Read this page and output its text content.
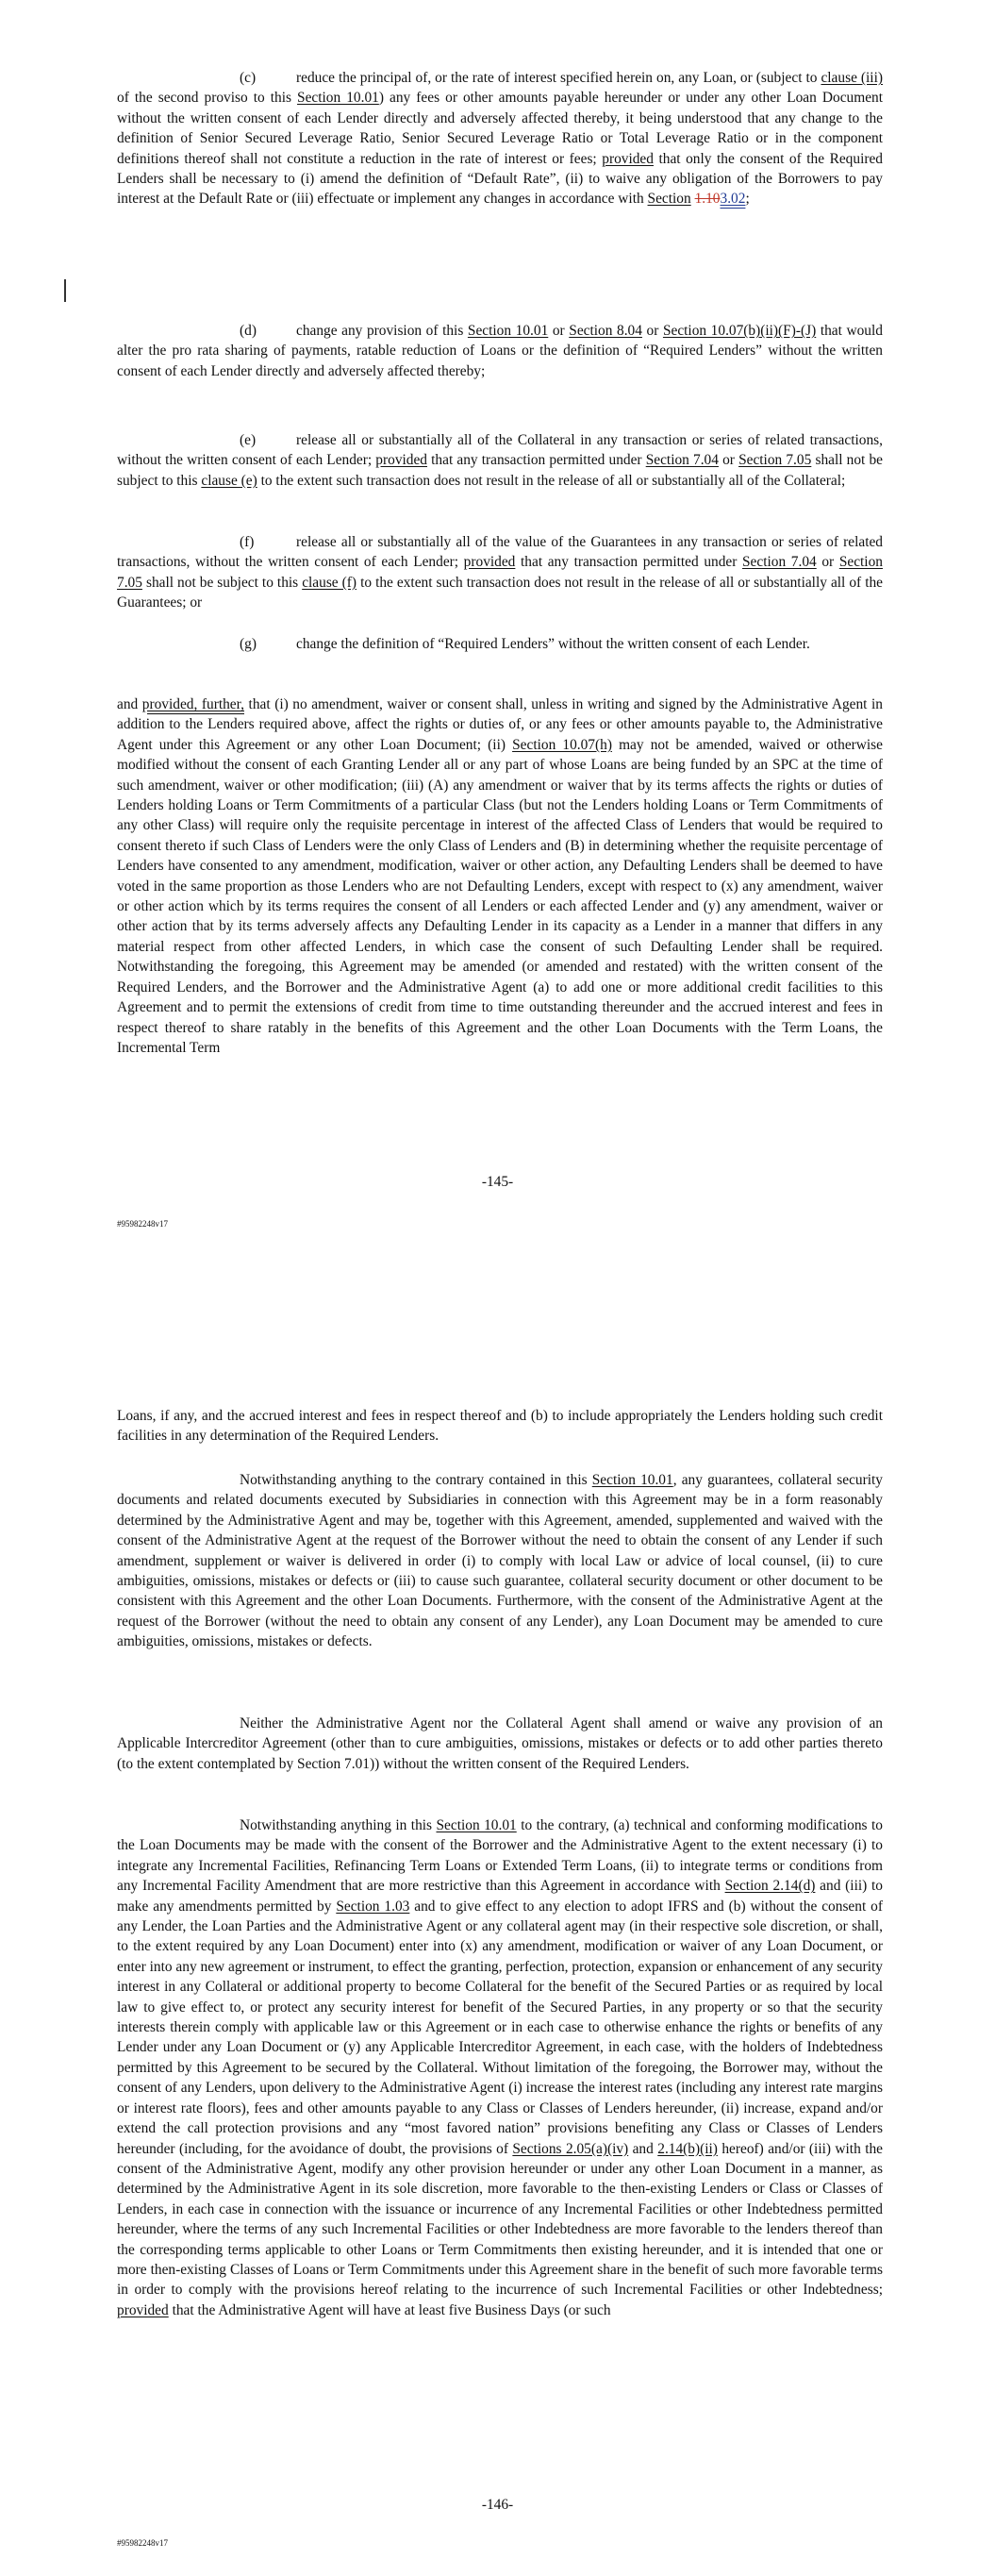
(c)	reduce the principal of, or the rate of interest specified herein on, any Loan, or (subject to clause (iii) of the second proviso to this Section 10.01) any fees or other amounts payable hereunder or under any other Loan Document without the written consent of each Lender directly and adversely affected thereby, it being understood that any change to the definition of Senior Secured Leverage Ratio, Senior Secured Leverage Ratio or Total Leverage Ratio or in the component definitions thereof shall not constitute a reduction in the rate of interest or fees; provided that only the consent of the Required Lenders shall be necessary to (i) amend the definition of “Default Rate”, (ii) to waive any obligation of the Borrowers to pay interest at the Default Rate or (iii) effectuate or implement any changes in accordance with Section 1.103.02;

(d)	change any provision of this Section 10.01 or Section 8.04 or Section 10.07(b)(ii)(F)-(J) that would alter the pro rata sharing of payments, ratable reduction of Loans or the definition of “Required Lenders” without the written consent of each Lender directly and adversely affected thereby;

(e)	release all or substantially all of the Collateral in any transaction or series of related transactions, without the written consent of each Lender; provided that any transaction permitted under Section 7.04 or Section 7.05 shall not be subject to this clause (e) to the extent such transaction does not result in the release of all or substantially all of the Collateral;

(f)	release all or substantially all of the value of the Guarantees in any transaction or series of related transactions, without the written consent of each Lender; provided that any transaction permitted under Section 7.04 or Section 7.05 shall not be subject to this clause (f) to the extent such transaction does not result in the release of all or substantially all of the Guarantees; or

(g)	change the definition of “Required Lenders” without the written consent of each Lender.

and provided, further, that (i) no amendment, waiver or consent shall, unless in writing and signed by the Administrative Agent in addition to the Lenders required above, affect the rights or duties of, or any fees or other amounts payable to, the Administrative Agent under this Agreement or any other Loan Document; (ii) Section 10.07(h) may not be amended, waived or otherwise modified without the consent of each Granting Lender all or any part of whose Loans are being funded by an SPC at the time of such amendment, waiver or other modification; (iii) (A) any amendment or waiver that by its terms affects the rights or duties of Lenders holding Loans or Term Commitments of a particular Class (but not the Lenders holding Loans or Term Commitments of any other Class) will require only the requisite percentage in interest of the affected Class of Lenders that would be required to consent thereto if such Class of Lenders were the only Class of Lenders and (B) in determining whether the requisite percentage of Lenders have consented to any amendment, modification, waiver or other action, any Defaulting Lenders shall be deemed to have voted in the same proportion as those Lenders who are not Defaulting Lenders, except with respect to (x) any amendment, waiver or other action which by its terms requires the consent of all Lenders or each affected Lender and (y) any amendment, waiver or other action that by its terms adversely affects any Defaulting Lender in its capacity as a Lender in a manner that differs in any material respect from other affected Lenders, in which case the consent of such Defaulting Lender shall be required. Notwithstanding the foregoing, this Agreement may be amended (or amended and restated) with the written consent of the Required Lenders, and the Borrower and the Administrative Agent (a) to add one or more additional credit facilities to this Agreement and to permit the extensions of credit from time to time outstanding thereunder and the accrued interest and fees in respect thereof to share ratably in the benefits of this Agreement and the other Loan Documents with the Term Loans, the Incremental Term

-145-
#95982248v17

Loans, if any, and the accrued interest and fees in respect thereof and (b) to include appropriately the Lenders holding such credit facilities in any determination of the Required Lenders.

Notwithstanding anything to the contrary contained in this Section 10.01, any guarantees, collateral security documents and related documents executed by Subsidiaries in connection with this Agreement may be in a form reasonably determined by the Administrative Agent and may be, together with this Agreement, amended, supplemented and waived with the consent of the Administrative Agent at the request of the Borrower without the need to obtain the consent of any Lender if such amendment, supplement or waiver is delivered in order (i) to comply with local Law or advice of local counsel, (ii) to cure ambiguities, omissions, mistakes or defects or (iii) to cause such guarantee, collateral security document or other document to be consistent with this Agreement and the other Loan Documents. Furthermore, with the consent of the Administrative Agent at the request of the Borrower (without the need to obtain any consent of any Lender), any Loan Document may be amended to cure ambiguities, omissions, mistakes or defects.

Neither the Administrative Agent nor the Collateral Agent shall amend or waive any provision of an Applicable Intercreditor Agreement (other than to cure ambiguities, omissions, mistakes or defects or to add other parties thereto (to the extent contemplated by Section 7.01)) without the written consent of the Required Lenders.

Notwithstanding anything in this Section 10.01 to the contrary, (a) technical and conforming modifications to the Loan Documents may be made with the consent of the Borrower and the Administrative Agent to the extent necessary (i) to integrate any Incremental Facilities, Refinancing Term Loans or Extended Term Loans, (ii) to integrate terms or conditions from any Incremental Facility Amendment that are more restrictive than this Agreement in accordance with Section 2.14(d) and (iii) to make any amendments permitted by Section 1.03 and to give effect to any election to adopt IFRS and (b) without the consent of any Lender, the Loan Parties and the Administrative Agent or any collateral agent may (in their respective sole discretion, or shall, to the extent required by any Loan Document) enter into (x) any amendment, modification or waiver of any Loan Document, or enter into any new agreement or instrument, to effect the granting, perfection, protection, expansion or enhancement of any security interest in any Collateral or additional property to become Collateral for the benefit of the Secured Parties or as required by local law to give effect to, or protect any security interest for benefit of the Secured Parties, in any property or so that the security interests therein comply with applicable law or this Agreement or in each case to otherwise enhance the rights or benefits of any Lender under any Loan Document or (y) any Applicable Intercreditor Agreement, in each case, with the holders of Indebtedness permitted by this Agreement to be secured by the Collateral. Without limitation of the foregoing, the Borrower may, without the consent of any Lenders, upon delivery to the Administrative Agent (i) increase the interest rates (including any interest rate margins or interest rate floors), fees and other amounts payable to any Class or Classes of Lenders hereunder, (ii) increase, expand and/or extend the call protection provisions and any “most favored nation” provisions benefiting any Class or Classes of Lenders hereunder (including, for the avoidance of doubt, the provisions of Sections 2.05(a)(iv) and 2.14(b)(ii) hereof) and/or (iii) with the consent of the Administrative Agent, modify any other provision hereunder or under any other Loan Document in a manner, as determined by the Administrative Agent in its sole discretion, more favorable to the then-existing Lenders or Class or Classes of Lenders, in each case in connection with the issuance or incurrence of any Incremental Facilities or other Indebtedness permitted hereunder, where the terms of any such Incremental Facilities or other Indebtedness are more favorable to the lenders thereof than the corresponding terms applicable to other Loans or Term Commitments then existing hereunder, and it is intended that one or more then-existing Classes of Loans or Term Commitments under this Agreement share in the benefit of such more favorable terms in order to comply with the provisions hereof relating to the incurrence of such Incremental Facilities or other Indebtedness; provided that the Administrative Agent will have at least five Business Days (or such

-146-
#95982248v17
